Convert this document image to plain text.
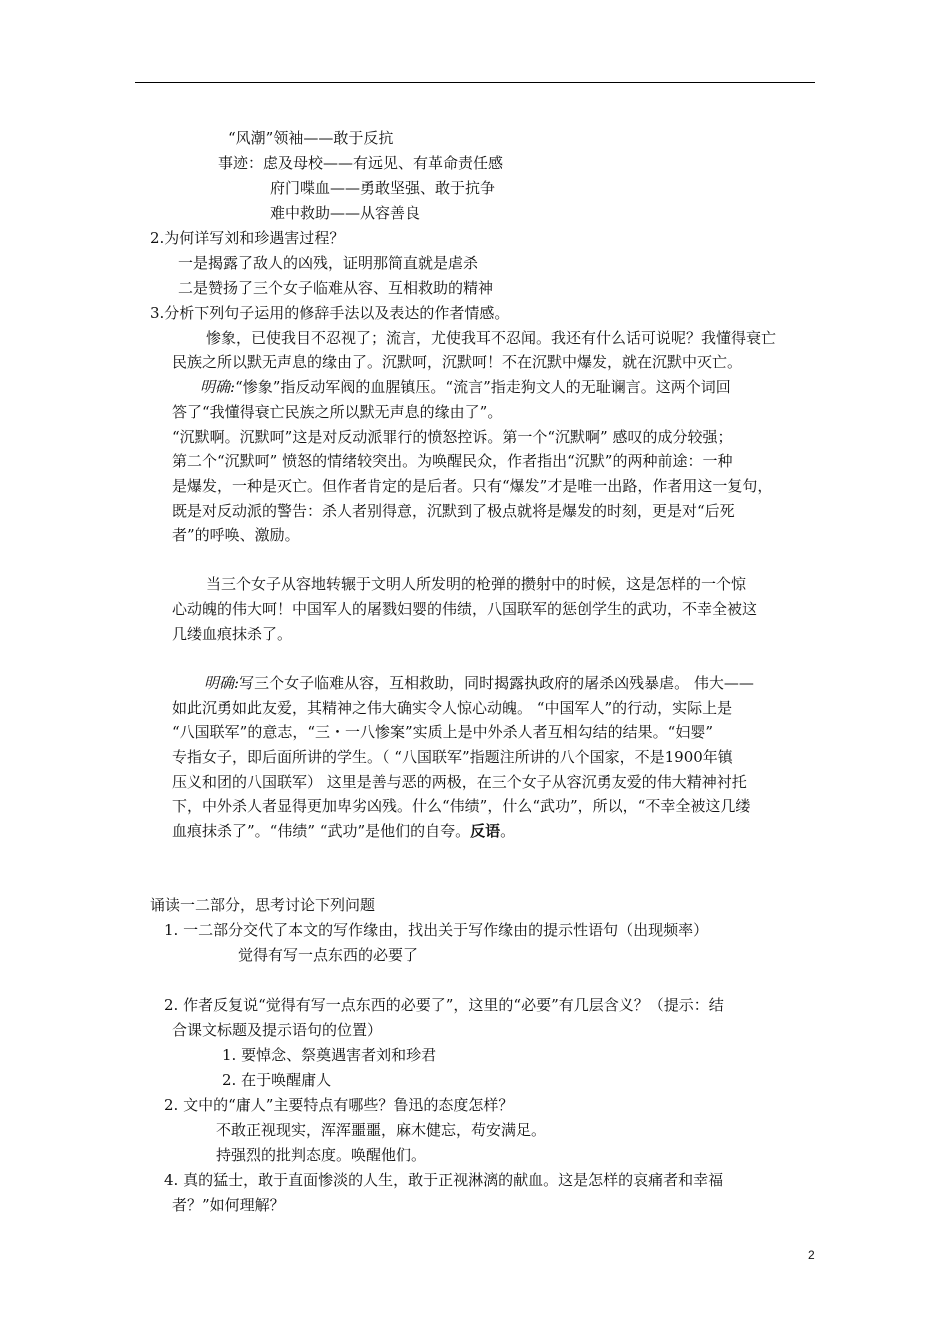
“风潮”领袖——敢于反抗
事迹：虑及母校——有远见、有革命责任感
府门喋血——勇敢坚强、敢于抗争
难中救助——从容善良
2.为何详写刘和珍遇害过程？
一是揭露了敌人的凶残，证明那简直就是虐杀
二是赞扬了三个女子临难从容、互相救助的精神
3.分析下列句子运用的修辞手法以及表达的作者情感。
惨象，已使我目不忍视了；流言，尤使我耳不忍闻。我还有什么话可说呢？我懂得衰亡
民族之所以默无声息的缘由了。沉默呵，沉默呵！不在沉默中爆发，就在沉默中灭亡。
明确:“惨象”指反动军阀的血腥镇压。“流言”指走狗文人的无耻谰言。这两个词回
答了“我懂得衰亡民族之所以默无声息的缘由了”。
“沉默啊。沉默呵”这是对反动派罪行的愤怒控诉。第一个“沉默啊” 感叹的成分较强；
第二个“沉默呵” 愤怒的情绪较突出。为唤醒民众，作者指出“沉默”的两种前途：一种
是爆发，一种是灭亡。但作者肯定的是后者。只有“爆发”才是唯一出路，作者用这一复句，
既是对反动派的警告：杀人者别得意，沉默到了极点就将是爆发的时刻，更是对“后死
者”的呼唤、激励。
当三个女子从容地转辗于文明人所发明的枪弹的攒射中的时候，这是怎样的一个惊
心动魄的伟大呵！中国军人的屠戮妇婴的伟绩，八国联军的惩创学生的武功，不幸全被这
几缕血痕抹杀了。
明确:写三个女子临难从容，互相救助，同时揭露执政府的屠杀凶残暴虐。 伟大——
如此沉勇如此友爱，其精神之伟大确实令人惊心动魄。 “中国军人”的行动，实际上是
“八国联军”的意志，“三・一八惨案”实质上是中外杀人者互相勾结的结果。“妇婴”
专指女子，即后面所讲的学生。（ “八国联军”指题注所讲的八个国家，不是1900年镇
压义和团的八国联军） 这里是善与恶的两极，在三个女子从容沉勇友爱的伟大精神衬托
下，中外杀人者显得更加卑劣凶残。什么“伟绩”，什么“武功”，所以，“不幸全被这几缕
血痕抹杀了”。“伟绩” “武功”是他们的自夸。反语。
诵读一二部分，思考讨论下列问题
1. 一二部分交代了本文的写作缘由，找出关于写作缘由的提示性语句（出现频率）
觉得有写一点东西的必要了
2. 作者反复说“觉得有写一点东西的必要了”，这里的“必要”有几层含义？（提示：结
合课文标题及提示语句的位置）
1. 要悼念、祭奠遇害者刘和珍君
2. 在于唤醒庸人
2. 文中的“庸人”主要特点有哪些？鲁迅的态度怎样？
不敢正视现实，浑浑噩噩，麻木健忘，苟安满足。
持强烈的批判态度。唤醒他们。
4. 真的猛士，敢于直面惨淡的人生，敢于正视淋漓的献血。这是怎样的哀痛者和幸福
者？”如何理解？
2
